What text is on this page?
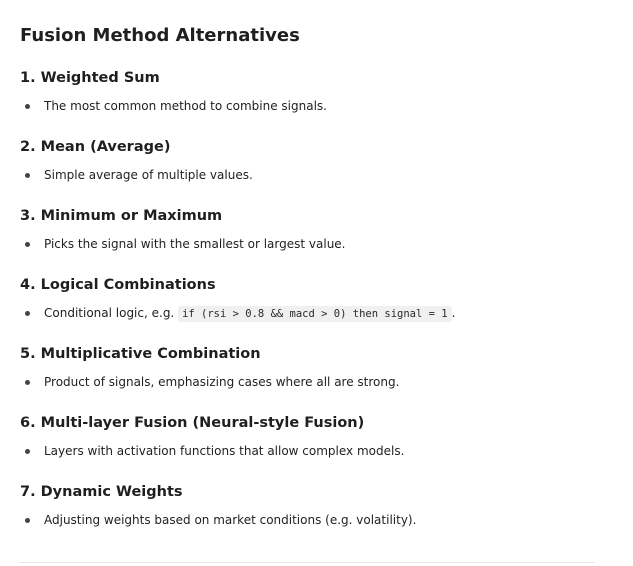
Fusion Method Alternatives
1. Weighted Sum
The most common method to combine signals.
2. Mean (Average)
Simple average of multiple values.
3. Minimum or Maximum
Picks the signal with the smallest or largest value.
4. Logical Combinations
Conditional logic, e.g. if (rsi > 0.8 && macd > 0) then signal = 1 .
5. Multiplicative Combination
Product of signals, emphasizing cases where all are strong.
6. Multi-layer Fusion (Neural-style Fusion)
Layers with activation functions that allow complex models.
7. Dynamic Weights
Adjusting weights based on market conditions (e.g. volatility).
